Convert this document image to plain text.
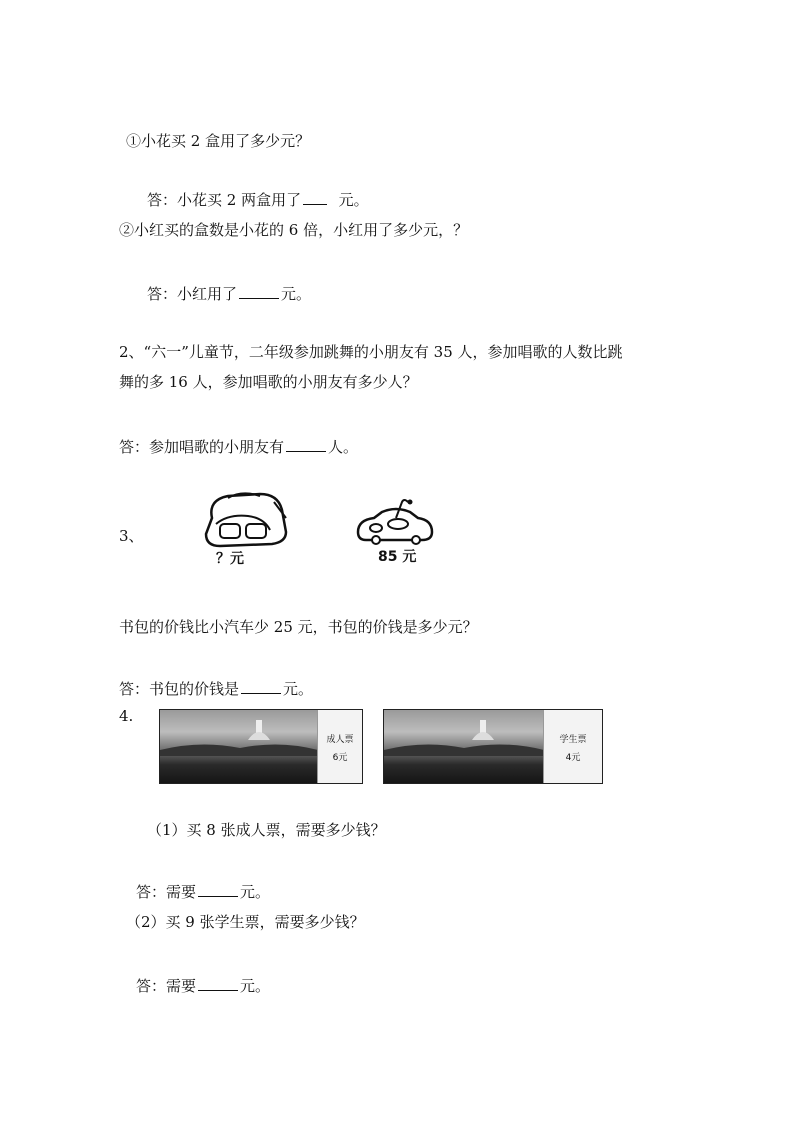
①小花买 2 盒用了多少元？
答：小花买 2 两盒用了	元。
②小红买的盒数是小花的 6 倍，小红用了多少元，？
答：小红用了	元。
2、“六一”儿童节，二年级参加跳舞的小朋友有 35 人，参加唱歌的人数比跳
舞的多 16 人，参加唱歌的小朋友有多少人？
答：参加唱歌的小朋友有	人。
3、
？元	85 元
书包的价钱比小汽车少 25 元，书包的价钱是多少元？
答：书包的价钱是	元。
4.
成人票
6元
学生票
4元
（1）买 8 张成人票，需要多少钱？
答：需要	元。
（2）买 9 张学生票，需要多少钱？
答：需要	元。
